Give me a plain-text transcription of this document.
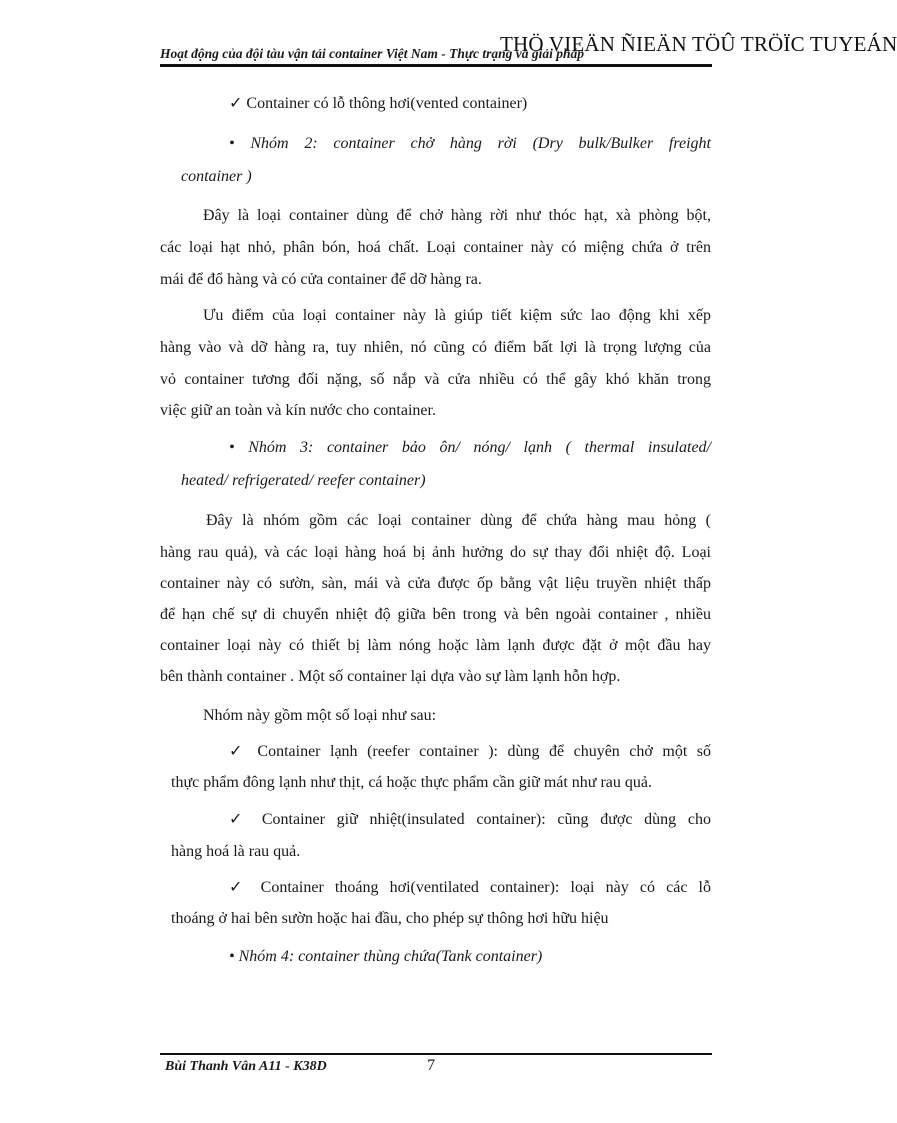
THÖ VIEÄN ÑIEÄN TÖÛ TRÖÏC TUYEÁN
Hoạt động của đội tàu vận tải container Việt Nam - Thực trạng và giải pháp
✓ Container có lỗ thông hơi(vented container)
• Nhóm 2: container chở hàng rời (Dry bulk/Bulker freight
container )
Đây là loại container dùng để chở hàng rời như thóc hạt, xà phòng bột,
các loại hạt nhỏ, phân bón, hoá chất. Loại container này có miệng chứa ở trên
mái để đổ hàng và có cửa container để dỡ hàng ra.
Ưu điểm của loại container này là giúp tiết kiệm sức lao động khi xếp
hàng vào và dỡ hàng ra, tuy nhiên, nó cũng có điểm bất lợi là trọng lượng của
vỏ container tương đối nặng, số nắp và cửa nhiều có thể gây khó khăn trong
việc giữ an toàn và kín nước cho container.
• Nhóm 3: container bảo ôn/ nóng/ lạnh ( thermal insulated/
heated/ refrigerated/ reefer container)
Đây là nhóm gồm các loại container dùng để chứa hàng mau hỏng (
hàng rau quả), và các loại hàng hoá bị ảnh hưởng do sự thay đổi nhiệt độ. Loại
container này có sườn, sàn, mái và cửa được ốp bằng vật liệu truyền nhiệt thấp
để hạn chế sự di chuyển nhiệt độ giữa bên trong và bên ngoài container , nhiều
container loại này có thiết bị làm nóng hoặc làm lạnh được đặt ở một đầu hay
bên thành container . Một số container lại dựa vào sự làm lạnh hỗn hợp.
Nhóm này gồm một số loại như sau:
✓ Container lạnh (reefer container ): dùng để chuyên chở một số
thực phẩm đông lạnh như thịt, cá hoặc thực phẩm cần giữ mát như rau quả.
✓ Container giữ nhiệt(insulated container): cũng được dùng cho
hàng hoá là rau quả.
✓ Container thoáng hơi(ventilated container): loại này có các lỗ
thoáng ở hai bên sườn hoặc hai đầu, cho phép sự thông hơi hữu hiệu
• Nhóm 4: container thùng chứa(Tank container)
Bùi Thanh Vân A11 - K38D	7
